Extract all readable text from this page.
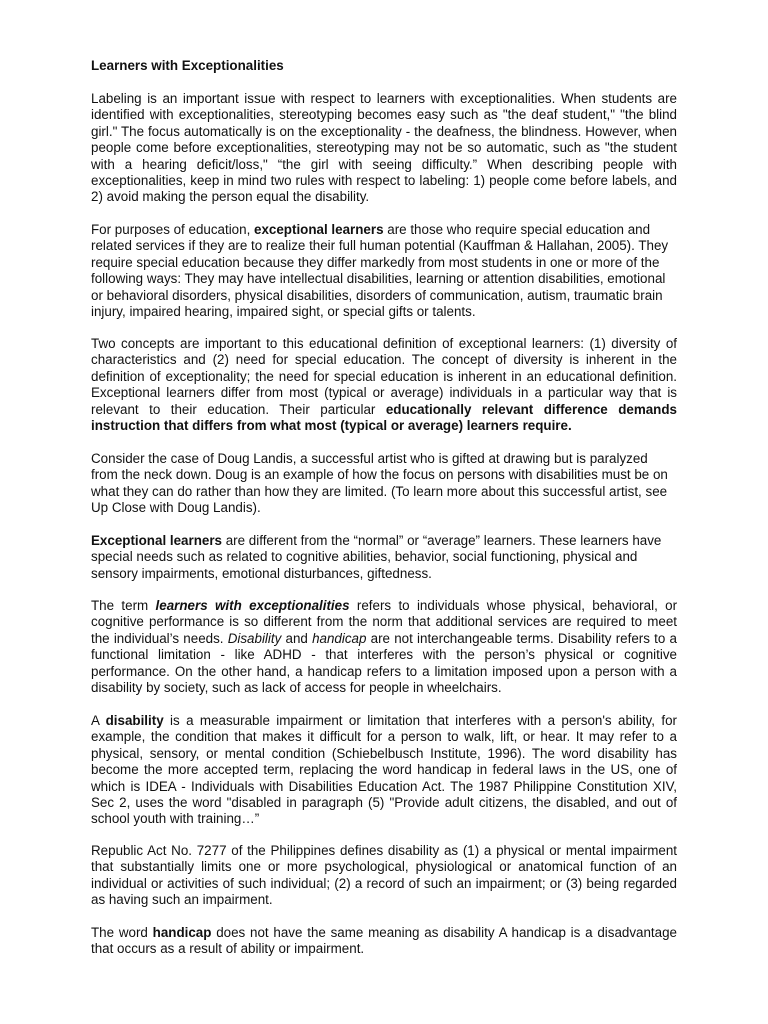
Learners with Exceptionalities

Labeling is an important issue with respect to learners with exceptionalities. When students are identified with exceptionalities, stereotyping becomes easy such as "the deaf student," "the blind girl." The focus automatically is on the exceptionality - the deafness, the blindness. However, when people come before exceptionalities, stereotyping may not be so automatic, such as "the student with a hearing deficit/loss," “the girl with seeing difficulty.” When describing people with exceptionalities, keep in mind two rules with respect to labeling: 1) people come before labels, and 2) avoid making the person equal the disability.

For purposes of education, exceptional learners are those who require special education and related services if they are to realize their full human potential (Kauffman & Hallahan, 2005). They require special education because they differ markedly from most students in one or more of the following ways: They may have intellectual disabilities, learning or attention disabilities, emotional or behavioral disorders, physical disabilities, disorders of communication, autism, traumatic brain injury, impaired hearing, impaired sight, or special gifts or talents.

Two concepts are important to this educational definition of exceptional learners: (1) diversity of characteristics and (2) need for special education. The concept of diversity is inherent in the definition of exceptionality; the need for special education is inherent in an educational definition. Exceptional learners differ from most (typical or average) individuals in a particular way that is relevant to their education. Their particular educationally relevant difference demands instruction that differs from what most (typical or average) learners require.

Consider the case of Doug Landis, a successful artist who is gifted at drawing but is paralyzed from the neck down. Doug is an example of how the focus on persons with disabilities must be on what they can do rather than how they are limited. (To learn more about this successful artist, see Up Close with Doug Landis).

Exceptional learners are different from the “normal” or “average” learners. These learners have special needs such as related to cognitive abilities, behavior, social functioning, physical and sensory impairments, emotional disturbances, giftedness.

The term learners with exceptionalities refers to individuals whose physical, behavioral, or cognitive performance is so different from the norm that additional services are required to meet the individual’s needs. Disability and handicap are not interchangeable terms. Disability refers to a functional limitation - like ADHD - that interferes with the person’s physical or cognitive performance. On the other hand, a handicap refers to a limitation imposed upon a person with a disability by society, such as lack of access for people in wheelchairs.

A disability is a measurable impairment or limitation that interferes with a person's ability, for example, the condition that makes it difficult for a person to walk, lift, or hear. It may refer to a physical, sensory, or mental condition (Schiebelbusch Institute, 1996). The word disability has become the more accepted term, replacing the word handicap in federal laws in the US, one of which is IDEA - Individuals with Disabilities Education Act. The 1987 Philippine Constitution XIV, Sec 2, uses the word "disabled in paragraph (5) "Provide adult citizens, the disabled, and out of school youth with training…”

Republic Act No. 7277 of the Philippines defines disability as (1) a physical or mental impairment that substantially limits one or more psychological, physiological or anatomical function of an individual or activities of such individual; (2) a record of such an impairment; or (3) being regarded as having such an impairment.

The word handicap does not have the same meaning as disability A handicap is a disadvantage that occurs as a result of ability or impairment.
